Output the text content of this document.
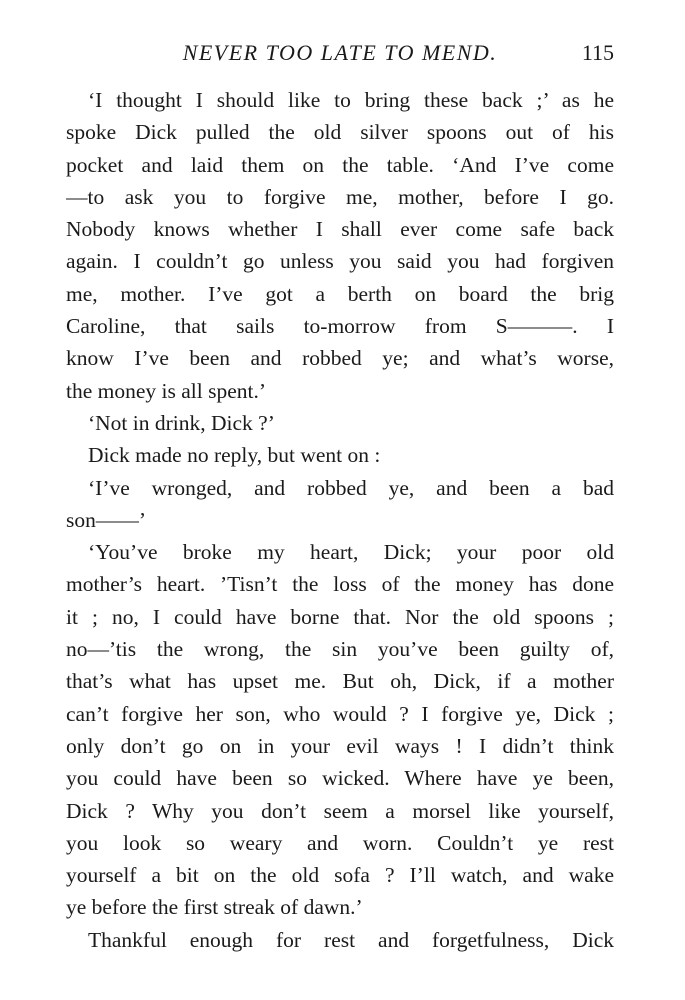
NEVER TOO LATE TO MEND.	115
‘I thought I should like to bring these back ;’ as he
spoke Dick pulled the old silver spoons out of his
pocket and laid them on the table. ‘And I’ve come
—to ask you to forgive me, mother, before I go.
Nobody knows whether I shall ever come safe back
again. I couldn’t go unless you said you had forgiven
me, mother. I’ve got a berth on board the brig
Caroline, that sails to-morrow from S———. I
know I’ve been and robbed ye; and what’s worse,
the money is all spent.’
‘Not in drink, Dick ?’
Dick made no reply, but went on :
‘I’ve wronged, and robbed ye, and been a bad
son——’
‘You’ve broke my heart, Dick; your poor old
mother’s heart. ’Tisn’t the loss of the money has done
it ; no, I could have borne that. Nor the old spoons ;
no—’tis the wrong, the sin you’ve been guilty of,
that’s what has upset me. But oh, Dick, if a mother
can’t forgive her son, who would ? I forgive ye, Dick ;
only don’t go on in your evil ways ! I didn’t think
you could have been so wicked. Where have ye been,
Dick ? Why you don’t seem a morsel like yourself,
you look so weary and worn. Couldn’t ye rest
yourself a bit on the old sofa ? I’ll watch, and wake
ye before the first streak of dawn.’
Thankful enough for rest and forgetfulness, Dick
